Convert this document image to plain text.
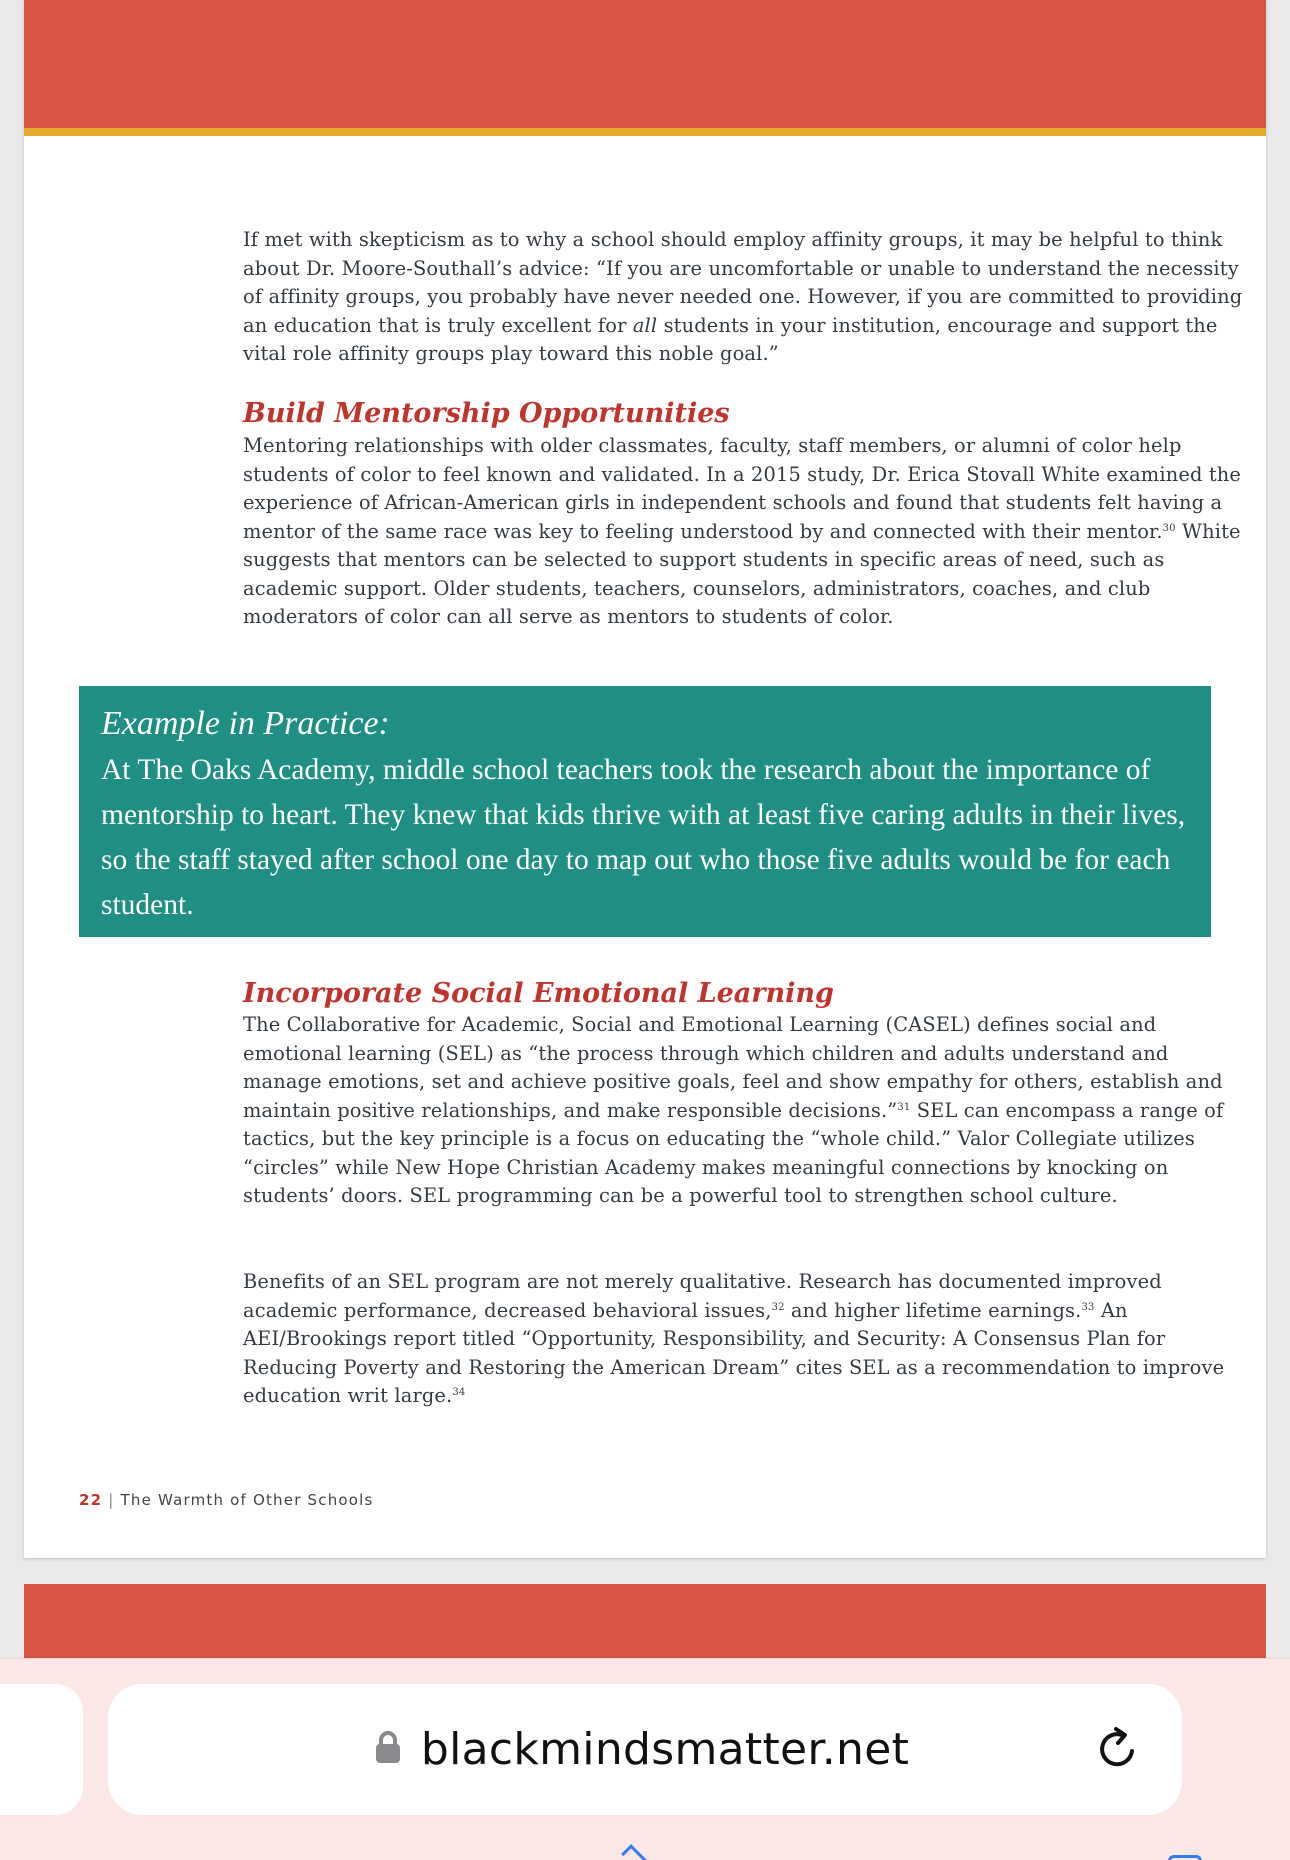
If met with skepticism as to why a school should employ affinity groups, it may be helpful to think about Dr. Moore-Southall’s advice: “If you are uncomfortable or unable to understand the necessity of affinity groups, you probably have never needed one. However, if you are committed to providing an education that is truly excellent for all students in your institution, encourage and support the vital role affinity groups play toward this noble goal.”

Build Mentorship Opportunities

Mentoring relationships with older classmates, faculty, staff members, or alumni of color help students of color to feel known and validated. In a 2015 study, Dr. Erica Stovall White examined the experience of African-American girls in independent schools and found that students felt having a mentor of the same race was key to feeling understood by and connected with their mentor.$^{30}$ White suggests that mentors can be selected to support students in specific areas of need, such as academic support. Older students, teachers, counselors, administrators, coaches, and club moderators of color can all serve as mentors to students of color.

Example in Practice:
At The Oaks Academy, middle school teachers took the research about the importance of mentorship to heart. They knew that kids thrive with at least five caring adults in their lives, so the staff stayed after school one day to map out who those five adults would be for each student.
Incorporate Social Emotional Learning

The Collaborative for Academic, Social and Emotional Learning (CASEL) defines social and emotional learning (SEL) as “the process through which children and adults understand and manage emotions, set and achieve positive goals, feel and show empathy for others, establish and maintain positive relationships, and make responsible decisions.”$^{31}$ SEL can encompass a range of tactics, but the key principle is a focus on educating the “whole child.” Valor Collegiate utilizes “circles” while New Hope Christian Academy makes meaningful connections by knocking on students’ doors. SEL programming can be a powerful tool to strengthen school culture.

Benefits of an SEL program are not merely qualitative. Research has documented improved academic performance, decreased behavioral issues,$^{32}$ and higher lifetime earnings.$^{33}$ An AEI/Brookings report titled “Opportunity, Responsibility, and Security: A Consensus Plan for Reducing Poverty and Restoring the American Dream” cites SEL as a recommendation to improve education writ large.$^{34}$

22 | The Warmth of Other Schools
blackmindsmatter.net
